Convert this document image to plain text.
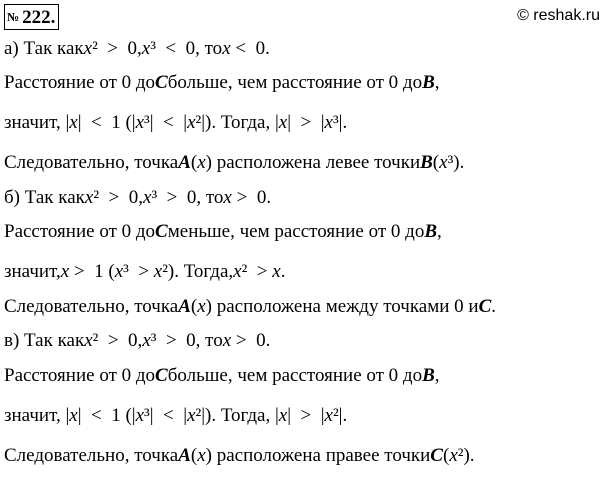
№ 222.	© reshak.ru
а) Так как x ²  >  0, x ³  <  0, то x <  0.
Расстояние от 0 до C больше, чем расстояние от 0 до B ,
значит, | x |  <  1 (| x ³|  <  | x ²|). Тогда, | x |  >  | x ³|.
Следовательно, точка A ( x ) расположена левее точки B ( x ³).
б) Так как x ²  >  0, x ³  >  0, то x >  0.
Расстояние от 0 до C меньше, чем расстояние от 0 до B ,
значит, x >  1 ( x ³  > x ²). Тогда, x ²  > x .
Следовательно, точка A ( x ) расположена между точками 0 и C .
в) Так как x ²  >  0, x ³  >  0, то x >  0.
Расстояние от 0 до C больше, чем расстояние от 0 до B ,
значит, | x |  <  1 (| x ³|  <  | x ²|). Тогда, | x |  >  | x ²|.
Следовательно, точка A ( x ) расположена правее точки C ( x ²).
